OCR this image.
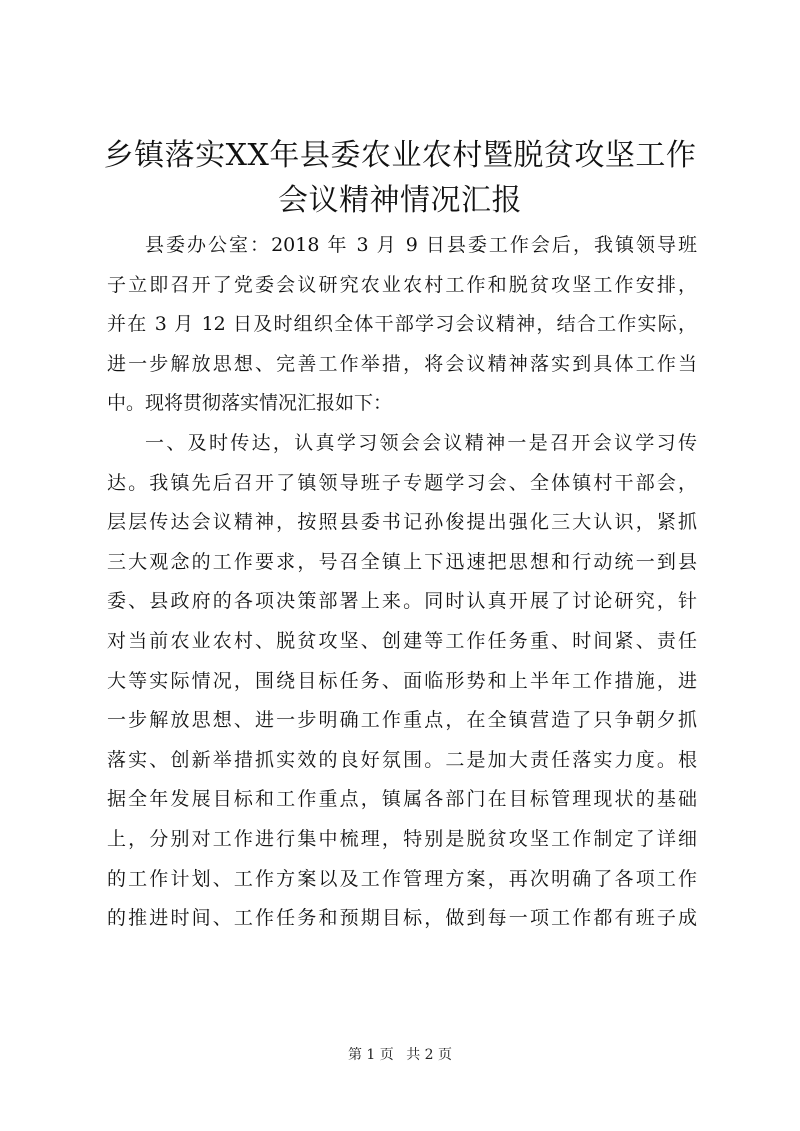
乡镇落实XX年县委农业农村暨脱贫攻坚工作
会议精神情况汇报
县委办公室：2018 年 3 月 9 日县委工作会后，我镇领导班
子立即召开了党委会议研究农业农村工作和脱贫攻坚工作安排，
并在 3 月 12 日及时组织全体干部学习会议精神，结合工作实际，
进一步解放思想、完善工作举措，将会议精神落实到具体工作当
中。现将贯彻落实情况汇报如下：
一、及时传达，认真学习领会会议精神一是召开会议学习传
达。我镇先后召开了镇领导班子专题学习会、全体镇村干部会，
层层传达会议精神，按照县委书记孙俊提出强化三大认识，紧抓
三大观念的工作要求，号召全镇上下迅速把思想和行动统一到县
委、县政府的各项决策部署上来。同时认真开展了讨论研究，针
对当前农业农村、脱贫攻坚、创建等工作任务重、时间紧、责任
大等实际情况，围绕目标任务、面临形势和上半年工作措施，进
一步解放思想、进一步明确工作重点，在全镇营造了只争朝夕抓
落实、创新举措抓实效的良好氛围。二是加大责任落实力度。根
据全年发展目标和工作重点，镇属各部门在目标管理现状的基础
上，分别对工作进行集中梳理，特别是脱贫攻坚工作制定了详细
的工作计划、工作方案以及工作管理方案，再次明确了各项工作
的推进时间、工作任务和预期目标，做到每一项工作都有班子成
第 1 页 共 2 页
